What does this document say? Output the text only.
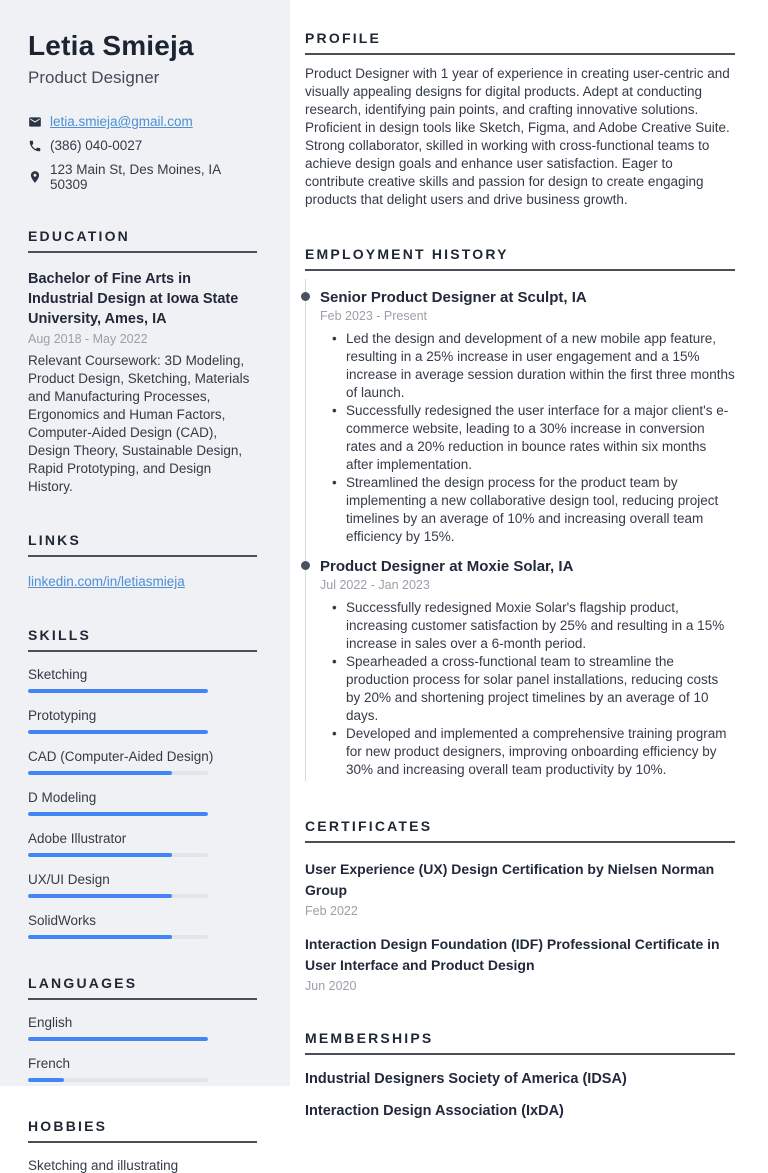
Letia Smieja
Product Designer
letia.smieja@gmail.com
(386) 040-0027
123 Main St, Des Moines, IA 50309
EDUCATION
Bachelor of Fine Arts in Industrial Design at Iowa State University, Ames, IA
Aug 2018 - May 2022
Relevant Coursework: 3D Modeling, Product Design, Sketching, Materials and Manufacturing Processes, Ergonomics and Human Factors, Computer-Aided Design (CAD), Design Theory, Sustainable Design, Rapid Prototyping, and Design History.
LINKS
linkedin.com/in/letiasmieja
SKILLS
Sketching
Prototyping
CAD (Computer-Aided Design)
D Modeling
Adobe Illustrator
UX/UI Design
SolidWorks
LANGUAGES
English
French
HOBBIES
Sketching and illustrating
PROFILE
Product Designer with 1 year of experience in creating user-centric and visually appealing designs for digital products. Adept at conducting research, identifying pain points, and crafting innovative solutions. Proficient in design tools like Sketch, Figma, and Adobe Creative Suite. Strong collaborator, skilled in working with cross-functional teams to achieve design goals and enhance user satisfaction. Eager to contribute creative skills and passion for design to create engaging products that delight users and drive business growth.
EMPLOYMENT HISTORY
Senior Product Designer at Sculpt, IA
Feb 2023 - Present
• Led the design and development of a new mobile app feature, resulting in a 25% increase in user engagement and a 15% increase in average session duration within the first three months of launch.
• Successfully redesigned the user interface for a major client's e-commerce website, leading to a 30% increase in conversion rates and a 20% reduction in bounce rates within six months after implementation.
• Streamlined the design process for the product team by implementing a new collaborative design tool, reducing project timelines by an average of 10% and increasing overall team efficiency by 15%.
Product Designer at Moxie Solar, IA
Jul 2022 - Jan 2023
• Successfully redesigned Moxie Solar's flagship product, increasing customer satisfaction by 25% and resulting in a 15% increase in sales over a 6-month period.
• Spearheaded a cross-functional team to streamline the production process for solar panel installations, reducing costs by 20% and shortening project timelines by an average of 10 days.
• Developed and implemented a comprehensive training program for new product designers, improving onboarding efficiency by 30% and increasing overall team productivity by 10%.
CERTIFICATES
User Experience (UX) Design Certification by Nielsen Norman Group
Feb 2022
Interaction Design Foundation (IDF) Professional Certificate in User Interface and Product Design
Jun 2020
MEMBERSHIPS
Industrial Designers Society of America (IDSA)
Interaction Design Association (IxDA)
